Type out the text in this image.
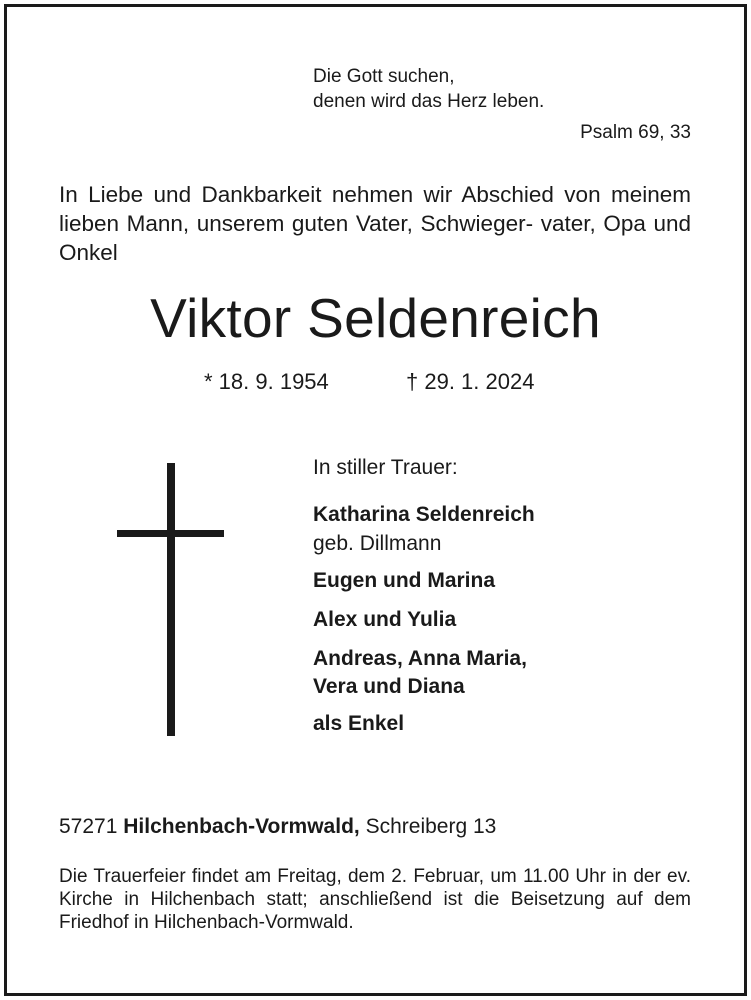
Die Gott suchen,
denen wird das Herz leben.
Psalm 69, 33
In Liebe und Dankbarkeit nehmen wir Abschied von meinem lieben Mann, unserem guten Vater, Schwieger- vater, Opa und Onkel
Viktor Seldenreich
* 18. 9. 1954	† 29. 1. 2024
In stiller Trauer:
Katharina Seldenreich
geb. Dillmann
Eugen und Marina
Alex und Yulia
Andreas, Anna Maria,
Vera und Diana
als Enkel
57271 Hilchenbach-Vormwald, Schreiberg 13
Die Trauerfeier findet am Freitag, dem 2. Februar, um 11.00 Uhr in der ev. Kirche in Hilchenbach statt; anschließend ist die Beisetzung auf dem Friedhof in Hilchenbach-Vormwald.
